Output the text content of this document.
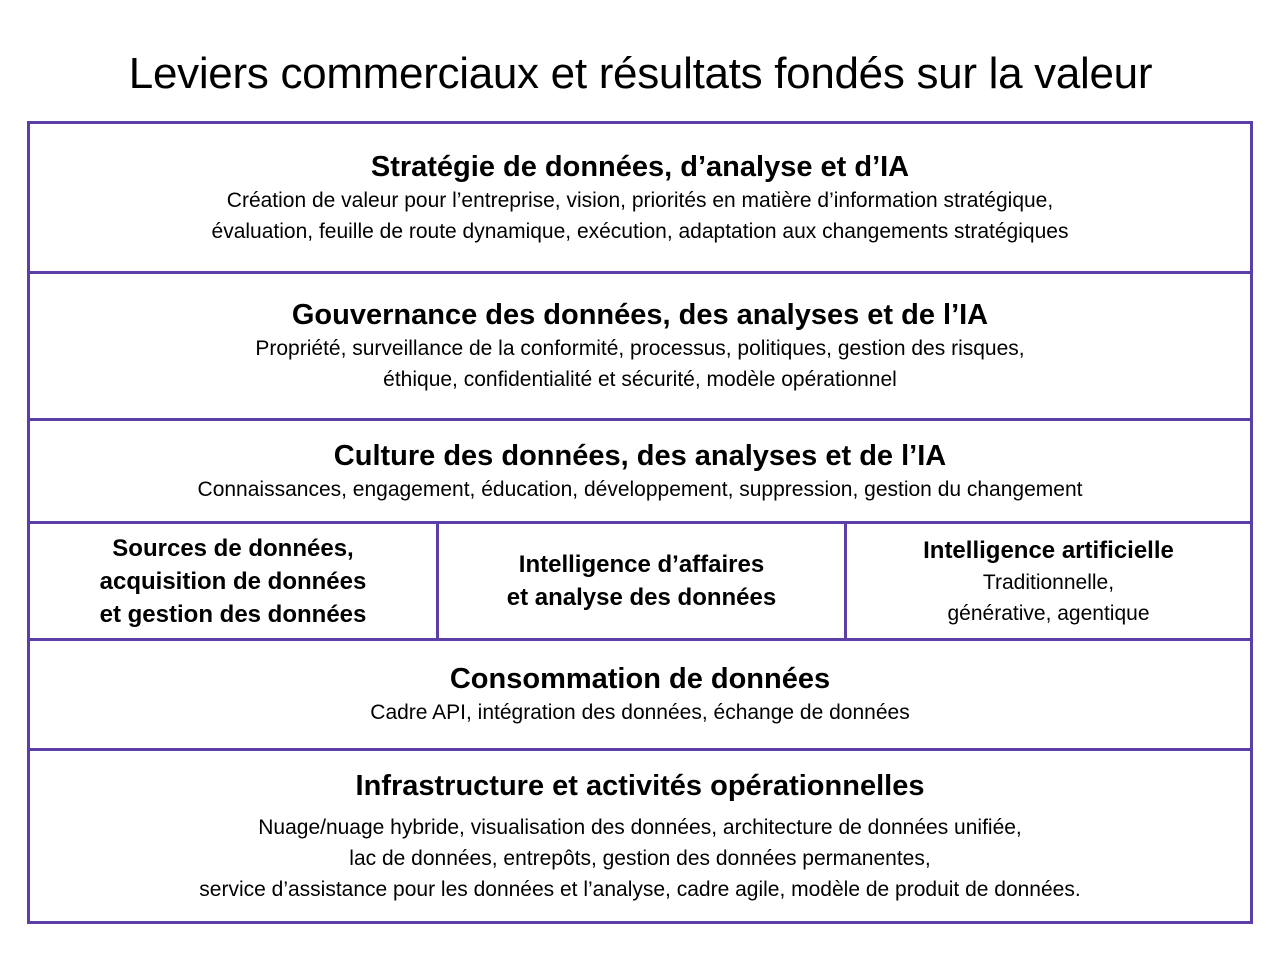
Leviers commerciaux et résultats fondés sur la valeur
Stratégie de données, d’analyse et d’IA
Création de valeur pour l’entreprise, vision, priorités en matière d’information stratégique,
évaluation, feuille de route dynamique, exécution, adaptation aux changements stratégiques
Gouvernance des données, des analyses et de l’IA
Propriété, surveillance de la conformité, processus, politiques, gestion des risques,
éthique, confidentialité et sécurité, modèle opérationnel
Culture des données, des analyses et de l’IA
Connaissances, engagement, éducation, développement, suppression, gestion du changement
Sources de données,
acquisition de données
et gestion des données
Intelligence d’affaires
et analyse des données
Intelligence artificielle
Traditionnelle,
générative, agentique
Consommation de données
Cadre API, intégration des données, échange de données
Infrastructure et activités opérationnelles
Nuage/nuage hybride, visualisation des données, architecture de données unifiée,
lac de données, entrepôts, gestion des données permanentes,
service d’assistance pour les données et l’analyse, cadre agile, modèle de produit de données.
